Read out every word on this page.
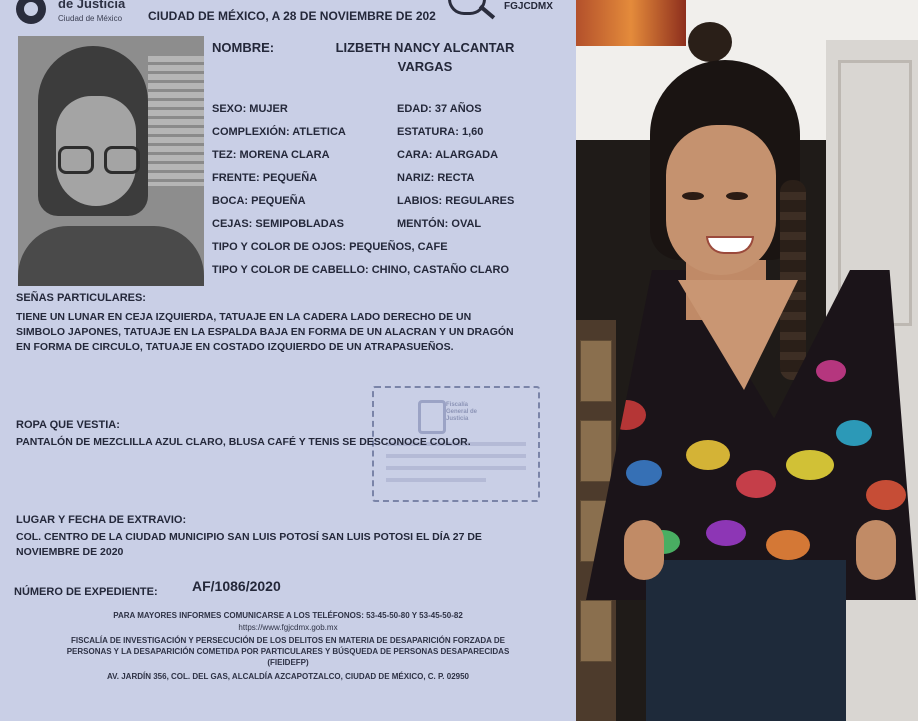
de Justicia
Ciudad de México CIUDAD DE MÉXICO, A 28 DE NOVIEMBRE DE 202
FGJCDMX
NOMBRE:	LIZBETH NANCY ALCANTAR
VARGAS
SEXO: MUJER	EDAD: 37 AÑOS
COMPLEXIÓN: ATLETICA	ESTATURA: 1,60
TEZ: MORENA CLARA	CARA: ALARGADA
FRENTE: PEQUEÑA	NARIZ: RECTA
BOCA: PEQUEÑA	LABIOS: REGULARES
CEJAS: SEMIPOBLADAS	MENTÓN: OVAL
TIPO Y COLOR DE OJOS: PEQUEÑOS, CAFE
TIPO Y COLOR DE CABELLO: CHINO, CASTAÑO CLARO
SEÑAS PARTICULARES:
TIENE UN LUNAR EN CEJA IZQUIERDA, TATUAJE EN LA CADERA LADO DERECHO DE UN
SIMBOLO JAPONES, TATUAJE EN LA ESPALDA BAJA EN FORMA DE UN ALACRAN Y UN DRAGÓN
EN FORMA DE CIRCULO, TATUAJE EN COSTADO IZQUIERDO DE UN ATRAPASUEÑOS.
Fiscalía
General de
Justicia
ROPA QUE VESTIA:
PANTALÓN DE MEZCLILLA AZUL CLARO, BLUSA CAFÉ Y TENIS SE DESCONOCE COLOR.
LUGAR Y FECHA DE EXTRAVIO:
COL. CENTRO DE LA CIUDAD MUNICIPIO SAN LUIS POTOSÍ SAN LUIS POTOSI EL DÍA 27 DE
NOVIEMBRE DE 2020
NÚMERO DE EXPEDIENTE: AF/1086/2020
PARA MAYORES INFORMES COMUNICARSE A LOS TELÉFONOS: 53-45-50-80 Y 53-45-50-82
https://www.fgjcdmx.gob.mx
FISCALÍA DE INVESTIGACIÓN Y PERSECUCIÓN DE LOS DELITOS EN MATERIA DE DESAPARICIÓN FORZADA DE
PERSONAS Y LA DESAPARICIÓN COMETIDA POR PARTICULARES Y BÚSQUEDA DE PERSONAS DESAPARECIDAS
(FIEIDEFP)
AV. JARDÍN 356, COL. DEL GAS, ALCALDÍA AZCAPOTZALCO, CIUDAD DE MÉXICO, C. P. 02950
